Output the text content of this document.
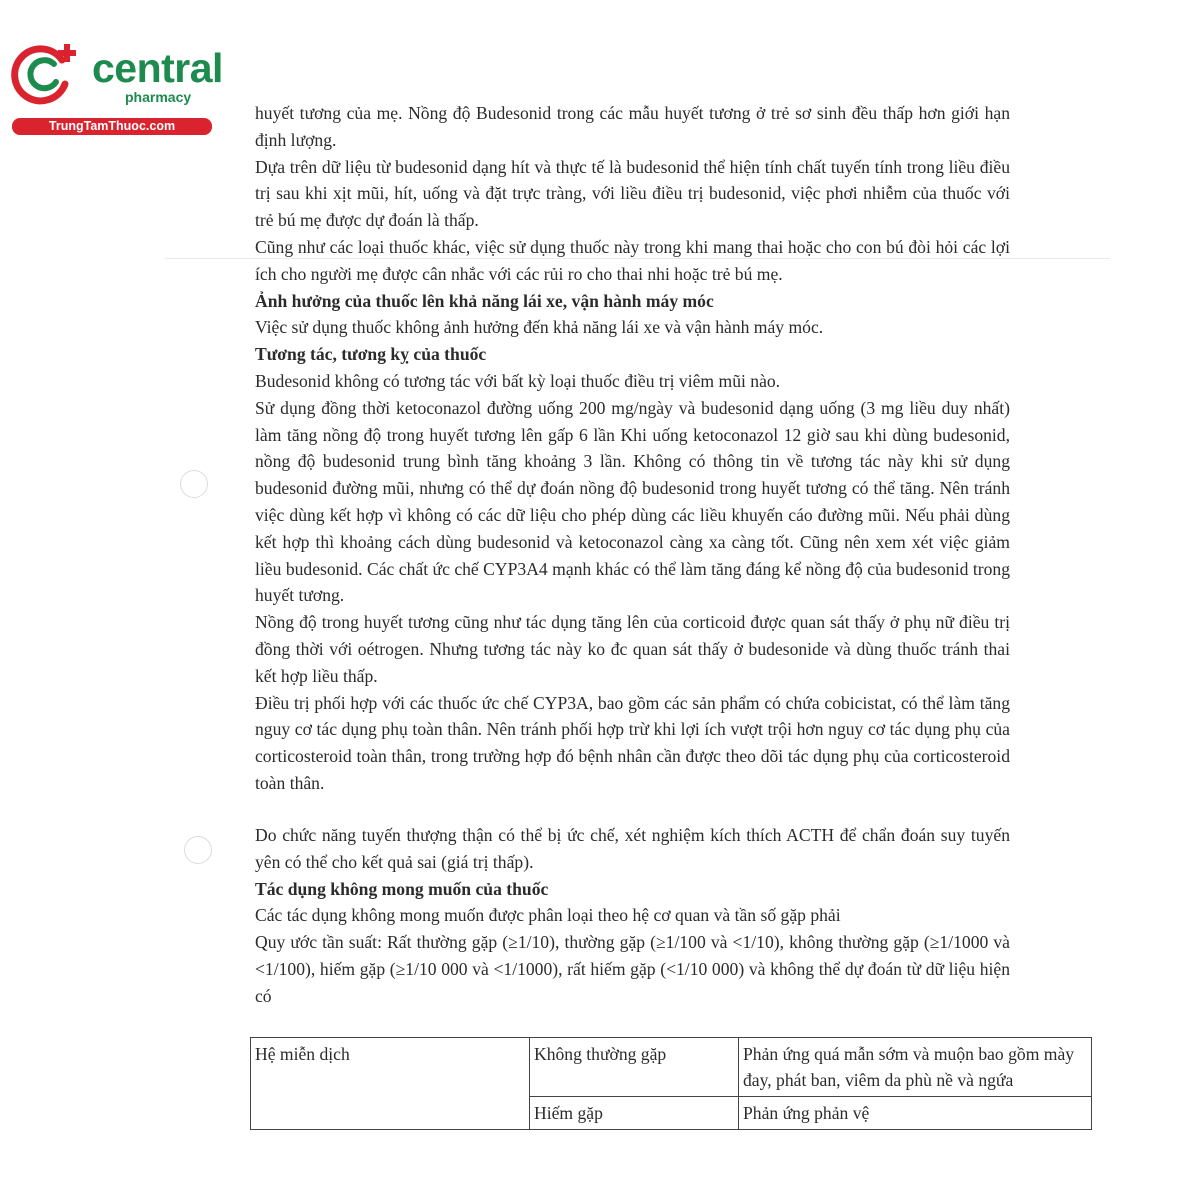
central
pharmacy
TrungTamThuoc.com

huyết tương của mẹ. Nồng độ Budesonid trong các mẫu huyết tương ở trẻ sơ sinh đều thấp hơn giới hạn định lượng.

Dựa trên dữ liệu từ budesonid dạng hít và thực tế là budesonid thể hiện tính chất tuyến tính trong liều điều trị sau khi xịt mũi, hít, uống và đặt trực tràng, với liều điều trị budesonid, việc phơi nhiễm của thuốc với trẻ bú mẹ được dự đoán là thấp.

Cũng như các loại thuốc khác, việc sử dụng thuốc này trong khi mang thai hoặc cho con bú đòi hỏi các lợi ích cho người mẹ được cân nhắc với các rủi ro cho thai nhi hoặc trẻ bú mẹ.

Ảnh hưởng của thuốc lên khả năng lái xe, vận hành máy móc

Việc sử dụng thuốc không ảnh hưởng đến khả năng lái xe và vận hành máy móc.

Tương tác, tương kỵ của thuốc

Budesonid không có tương tác với bất kỳ loại thuốc điều trị viêm mũi nào.

Sử dụng đồng thời ketoconazol đường uống 200 mg/ngày và budesonid dạng uống (3 mg liều duy nhất) làm tăng nồng độ trong huyết tương lên gấp 6 lần Khi uống ketoconazol 12 giờ sau khi dùng budesonid, nồng độ budesonid trung bình tăng khoảng 3 lần. Không có thông tin về tương tác này khi sử dụng budesonid đường mũi, nhưng có thể dự đoán nồng độ budesonid trong huyết tương có thể tăng. Nên tránh việc dùng kết hợp vì không có các dữ liệu cho phép dùng các liều khuyến cáo đường mũi. Nếu phải dùng kết hợp thì khoảng cách dùng budesonid và ketoconazol càng xa càng tốt. Cũng nên xem xét việc giảm liều budesonid. Các chất ức chế CYP3A4 mạnh khác có thể làm tăng đáng kể nồng độ của budesonid trong huyết tương.

Nồng độ trong huyết tương cũng như tác dụng tăng lên của corticoid được quan sát thấy ở phụ nữ điều trị đồng thời với oétrogen. Nhưng tương tác này ko đc quan sát thấy ở budesonide và dùng thuốc tránh thai kết hợp liều thấp.

Điều trị phối hợp với các thuốc ức chế CYP3A, bao gồm các sản phẩm có chứa cobicistat, có thể làm tăng nguy cơ tác dụng phụ toàn thân. Nên tránh phối hợp trừ khi lợi ích vượt trội hơn nguy cơ tác dụng phụ của corticosteroid toàn thân, trong trường hợp đó bệnh nhân cần được theo dõi tác dụng phụ của corticosteroid toàn thân.

Do chức năng tuyến thượng thận có thể bị ức chế, xét nghiệm kích thích ACTH để chẩn đoán suy tuyến yên có thể cho kết quả sai (giá trị thấp).

Tác dụng không mong muốn của thuốc

Các tác dụng không mong muốn được phân loại theo hệ cơ quan và tần số gặp phải

Quy ước tần suất: Rất thường gặp (≥1/10), thường gặp (≥1/100 và <1/10), không thường gặp (≥1/1000 và <1/100), hiếm gặp (≥1/10 000 và <1/1000), rất hiếm gặp (<1/10 000) và không thể dự đoán từ dữ liệu hiện có

Hệ miễn dịch	Không thường gặp	Phản ứng quá mẫn sớm và muộn bao gồm mày đay, phát ban, viêm da phù nề và ngứa
	Hiếm gặp	Phản ứng phản vệ
